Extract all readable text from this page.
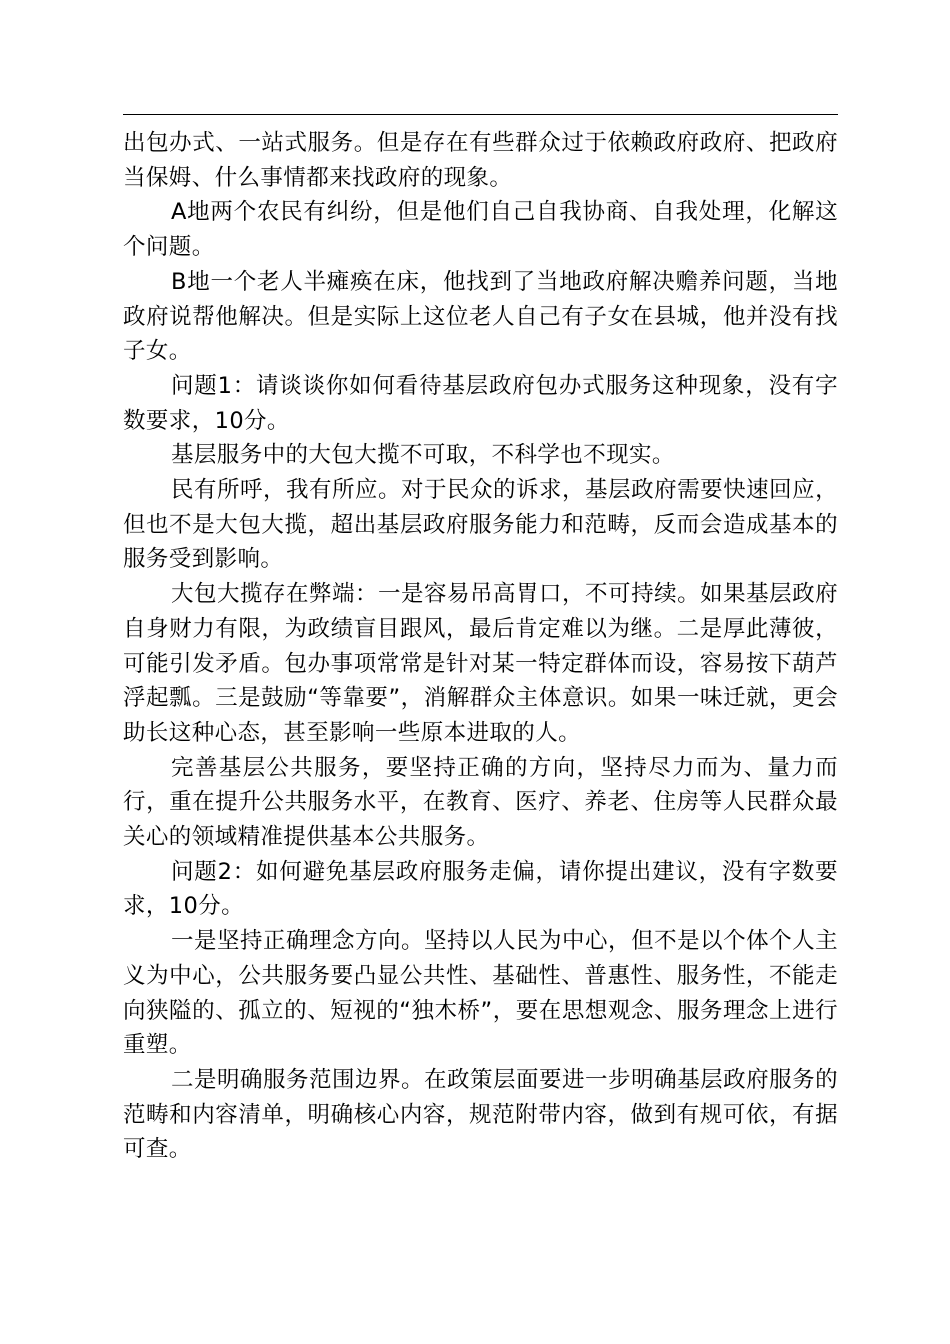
出包办式、一站式服务。但是存在有些群众过于依赖政府政府、把政府当保姆、什么事情都来找政府的现象。

A地两个农民有纠纷，但是他们自己自我协商、自我处理，化解这个问题。

B地一个老人半瘫痪在床，他找到了当地政府解决赡养问题，当地政府说帮他解决。但是实际上这位老人自己有子女在县城，他并没有找子女。

问题1：请谈谈你如何看待基层政府包办式服务这种现象，没有字数要求，10分。

基层服务中的大包大揽不可取，不科学也不现实。

民有所呼，我有所应。对于民众的诉求，基层政府需要快速回应，但也不是大包大揽，超出基层政府服务能力和范畴，反而会造成基本的服务受到影响。

大包大揽存在弊端：一是容易吊高胃口，不可持续。如果基层政府自身财力有限，为政绩盲目跟风，最后肯定难以为继。二是厚此薄彼，可能引发矛盾。包办事项常常是针对某一特定群体而设，容易按下葫芦浮起瓢。三是鼓励“等靠要”，消解群众主体意识。如果一味迁就，更会助长这种心态，甚至影响一些原本进取的人。

完善基层公共服务，要坚持正确的方向，坚持尽力而为、量力而行，重在提升公共服务水平，在教育、医疗、养老、住房等人民群众最关心的领域精准提供基本公共服务。

问题2：如何避免基层政府服务走偏，请你提出建议，没有字数要求，10分。

一是坚持正确理念方向。坚持以人民为中心，但不是以个体个人主义为中心，公共服务要凸显公共性、基础性、普惠性、服务性，不能走向狭隘的、孤立的、短视的“独木桥”，要在思想观念、服务理念上进行重塑。

二是明确服务范围边界。在政策层面要进一步明确基层政府服务的范畴和内容清单，明确核心内容，规范附带内容，做到有规可依，有据可查。
